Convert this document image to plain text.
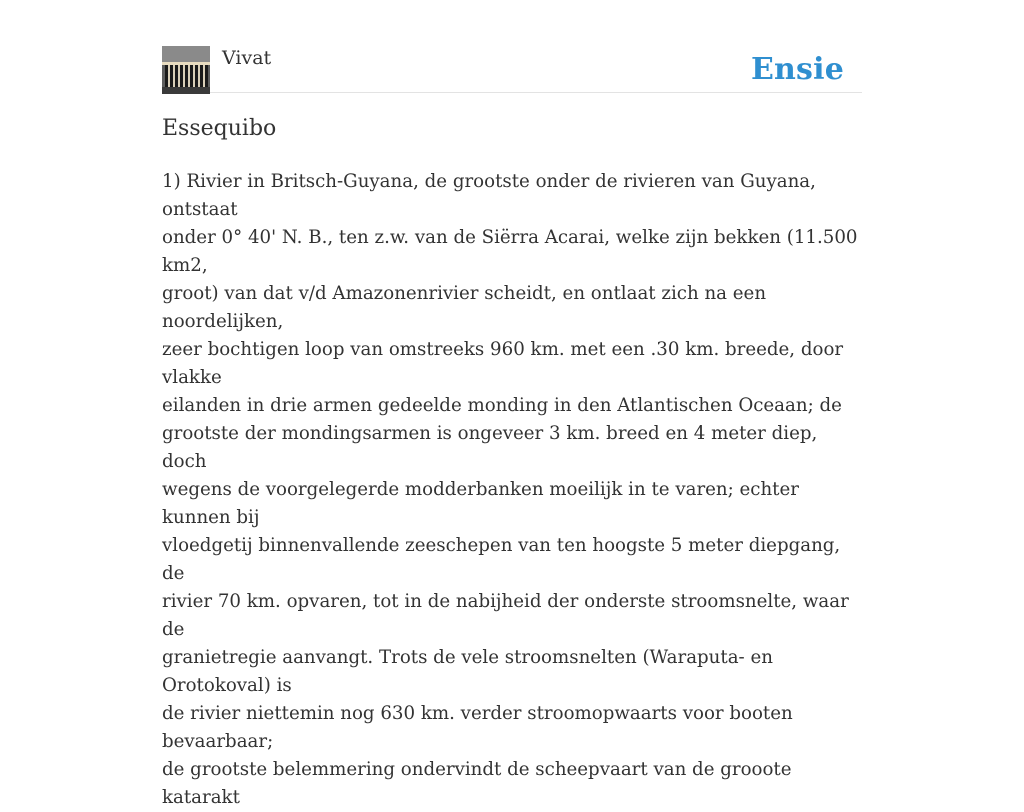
Vivat	Ensie
Essequibo

1) Rivier in Britsch-Guyana, de grootste onder de rivieren van Guyana, ontstaat
onder 0° 40' N. B., ten z.w. van de Siërra Acarai, welke zijn bekken (11.500 km2,
groot) van dat v/d Amazonenrivier scheidt, en ontlaat zich na een noordelijken,
zeer bochtigen loop van omstreeks 960 km. met een .30 km. breede, door vlakke
eilanden in drie armen gedeelde monding in den Atlantischen Oceaan; de
grootste der mondingsarmen is ongeveer 3 km. breed en 4 meter diep, doch
wegens de voorgelegerde modderbanken moeilijk in te varen; echter kunnen bij
vloedgetij binnenvallende zeeschepen van ten hoogste 5 meter diepgang, de
rivier 70 km. opvaren, tot in de nabijheid der onderste stroomsnelte, waar de
granietregie aanvangt. Trots de vele stroomsnelten (Waraputa- en Orotokoval) is
de rivier niettemin nog 630 km. verder stroomopwaarts voor booten bevaarbaar;
de grootste belemmering ondervindt de scheepvaart van de grooote katarakt
